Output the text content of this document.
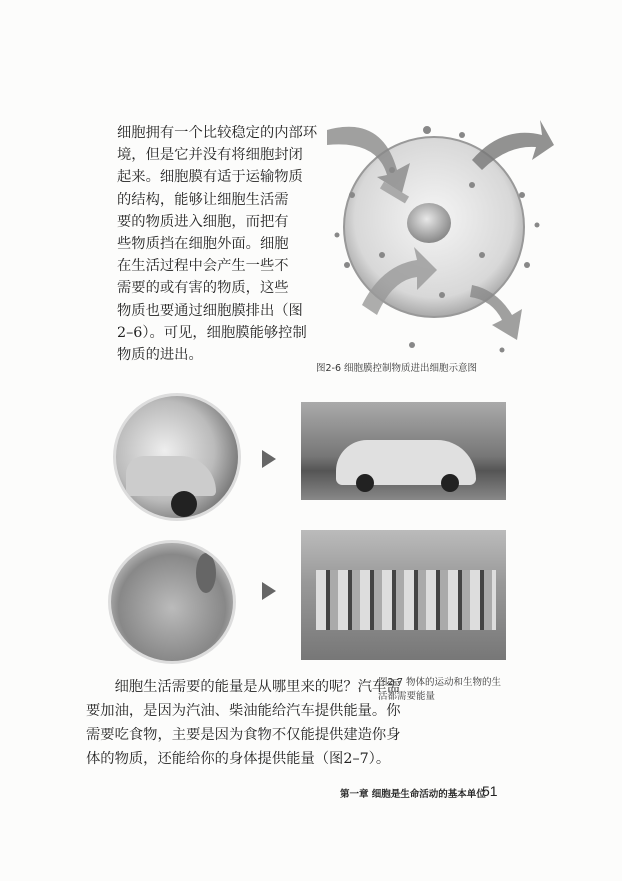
细胞拥有一个比较稳定的内部环
境，但是它并没有将细胞封闭
起来。细胞膜有适于运输物质
的结构，能够让细胞生活需
要的物质进入细胞，而把有
些物质挡在细胞外面。细胞
在生活过程中会产生一些不
需要的或有害的物质，这些
物质也要通过细胞膜排出（图
2–6）。可见，细胞膜能够控制
物质的进出。
图2-6 细胞膜控制物质进出细胞示意图
　　细胞生活需要的能量是从哪里来的呢？汽车需
要加油，是因为汽油、柴油能给汽车提供能量。你
需要吃食物，主要是因为食物不仅能提供建造你身
体的物质，还能给你的身体提供能量（图2–7）。
图2-7 物体的运动和生物的生
活都需要能量
第一章 细胞是生命活动的基本单位
51
